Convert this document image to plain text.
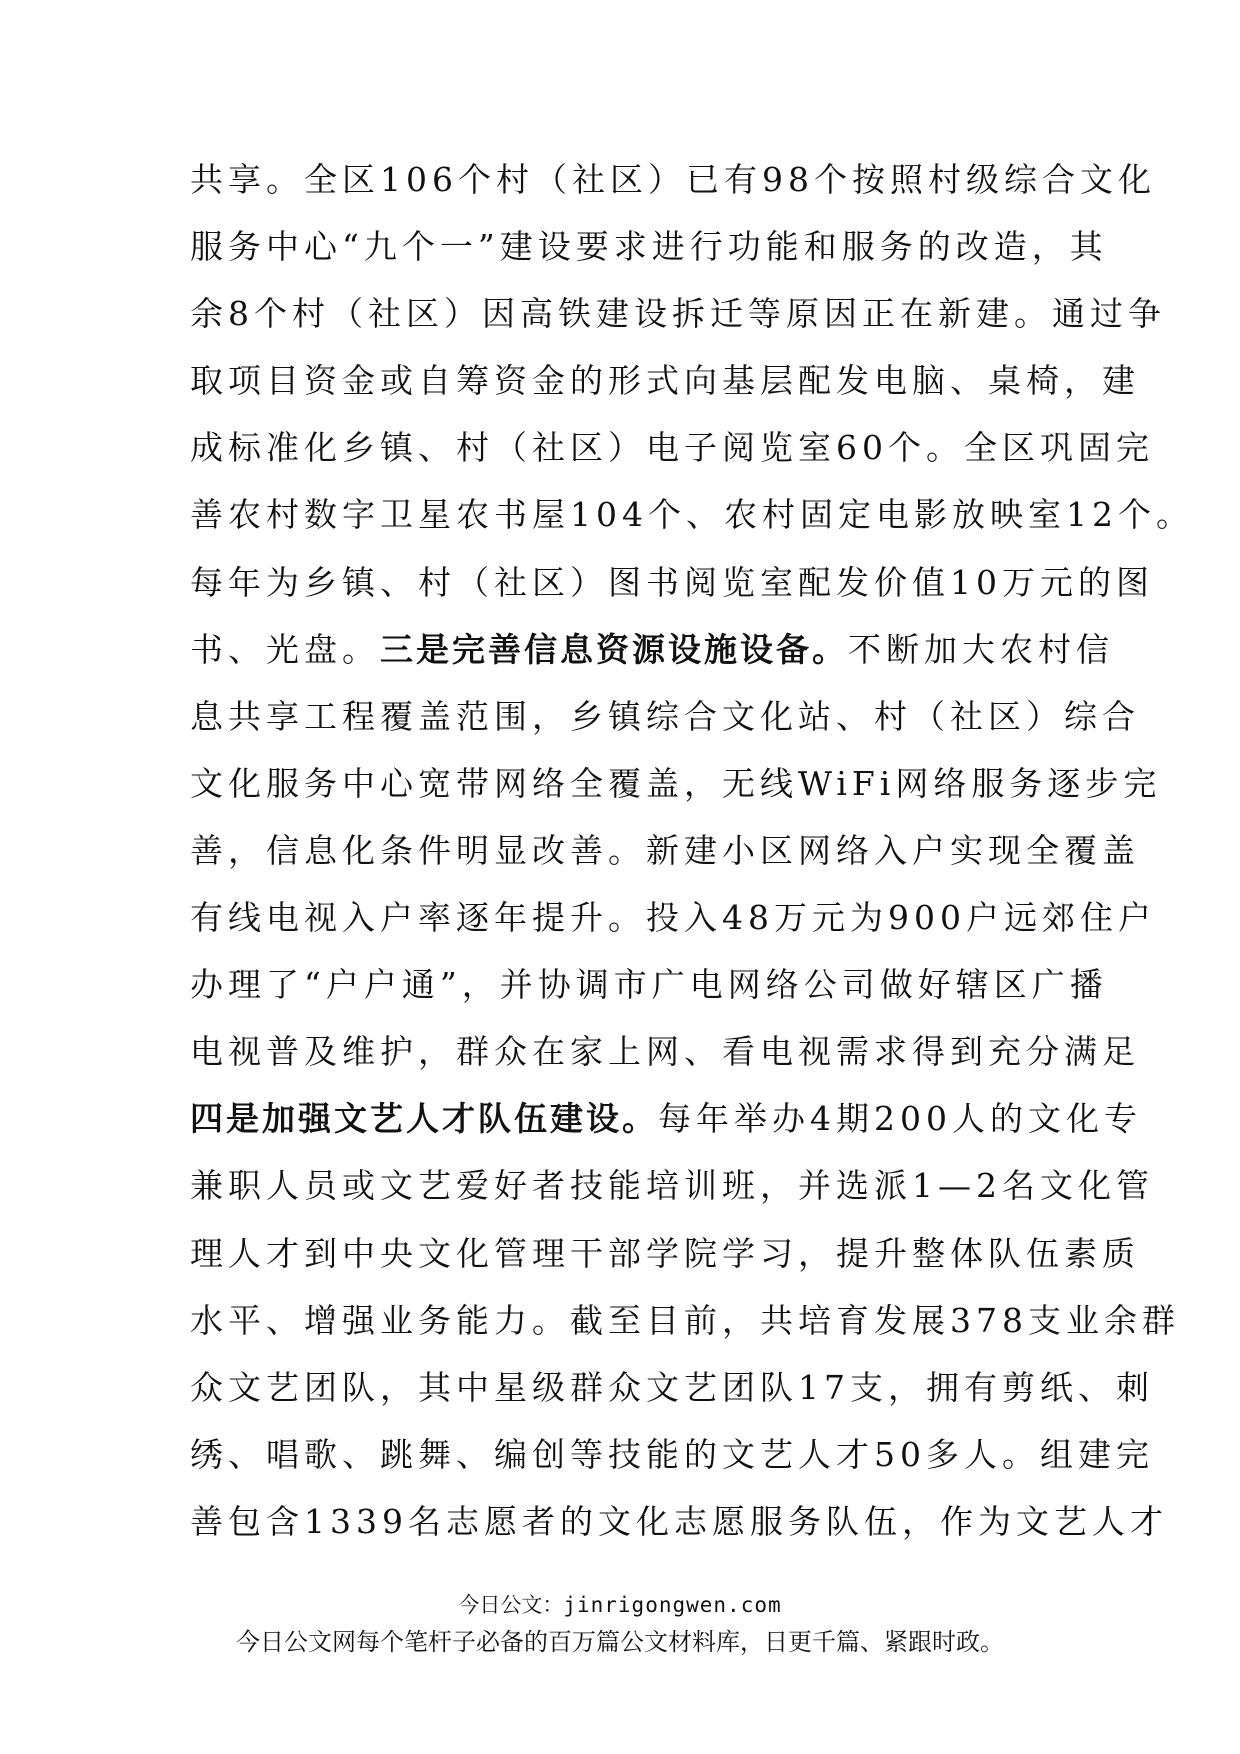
共享。全区106个村（社区）已有98个按照村级综合文化
服务中心“九个一”建设要求进行功能和服务的改造，其
余8个村（社区）因高铁建设拆迁等原因正在新建。通过争
取项目资金或自筹资金的形式向基层配发电脑、桌椅，建
成标准化乡镇、村（社区）电子阅览室60个。全区巩固完
善农村数字卫星农书屋104个、农村固定电影放映室12个。
每年为乡镇、村（社区）图书阅览室配发价值10万元的图
书、光盘。三是完善信息资源设施设备。不断加大农村信
息共享工程覆盖范围，乡镇综合文化站、村（社区）综合
文化服务中心宽带网络全覆盖，无线WiFi网络服务逐步完
善，信息化条件明显改善。新建小区网络入户实现全覆盖
有线电视入户率逐年提升。投入48万元为900户远郊住户
办理了“户户通”，并协调市广电网络公司做好辖区广播
电视普及维护，群众在家上网、看电视需求得到充分满足
四是加强文艺人才队伍建设。每年举办4期200人的文化专
兼职人员或文艺爱好者技能培训班，并选派1—2名文化管
理人才到中央文化管理干部学院学习，提升整体队伍素质
水平、增强业务能力。截至目前，共培育发展378支业余群
众文艺团队，其中星级群众文艺团队17支，拥有剪纸、刺
绣、唱歌、跳舞、编创等技能的文艺人才50多人。组建完
善包含1339名志愿者的文化志愿服务队伍，作为文艺人才
今日公文：jinrigongwen.com
今日公文网每个笔杆子必备的百万篇公文材料库，日更千篇、紧跟时政。
